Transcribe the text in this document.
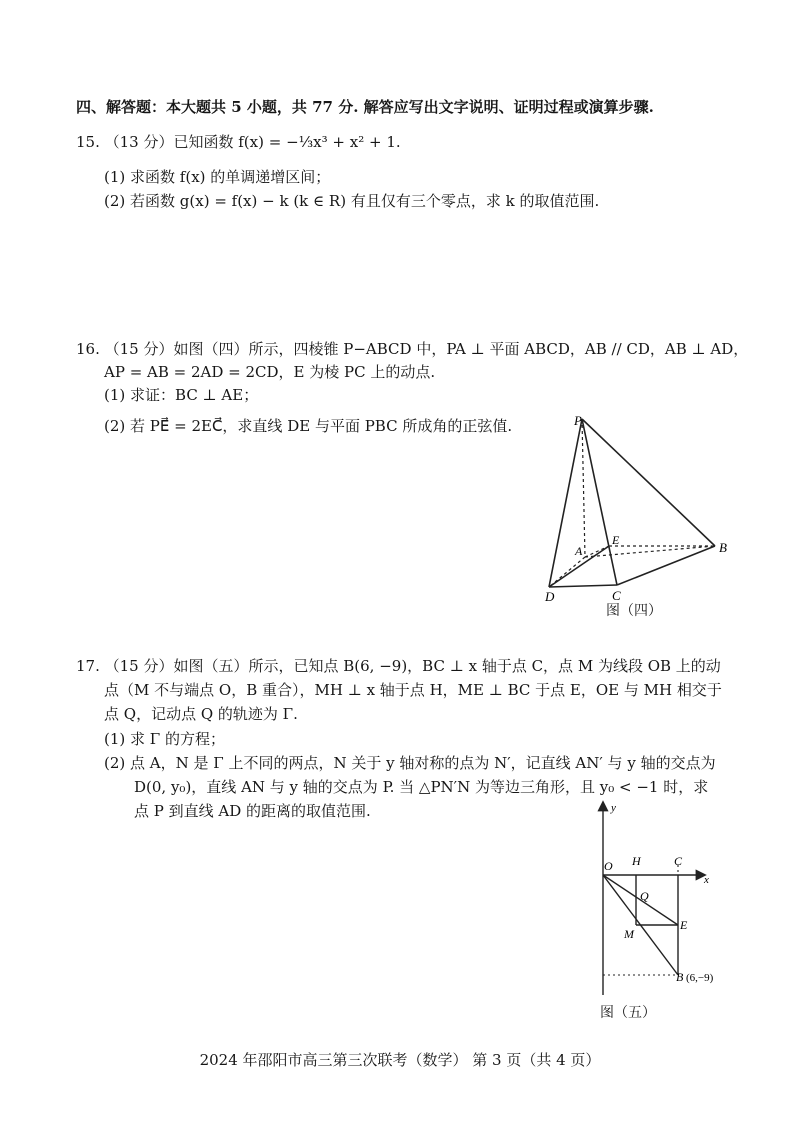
四、解答题：本大题共 5 小题，共 77 分. 解答应写出文字说明、证明过程或演算步骤.
15. （13 分）已知函数 f(x) = −⅓x³ + x² + 1.
(1) 求函数 f(x) 的单调递增区间；
(2) 若函数 g(x) = f(x) − k (k ∈ R) 有且仅有三个零点，求 k 的取值范围.
16. （15 分）如图（四）所示，四棱锥 P−ABCD 中，PA ⊥ 平面 ABCD，AB // CD，AB ⊥ AD，
AP = AB = 2AD = 2CD，E 为棱 PC 上的动点.
(1) 求证：BC ⊥ AE；
(2) 若 PE⃗ = 2EC⃗，求直线 DE 与平面 PBC 所成角的正弦值.	P
A
E	B
C
D
图（四）
17. （15 分）如图（五）所示，已知点 B(6, −9)，BC ⊥ x 轴于点 C，点 M 为线段 OB 上的动
点（M 不与端点 O，B 重合），MH ⊥ x 轴于点 H，ME ⊥ BC 于点 E，OE 与 MH 相交于
点 Q，记动点 Q 的轨迹为 Γ.
(1) 求 Γ 的方程；
(2) 点 A，N 是 Γ 上不同的两点，N 关于 y 轴对称的点为 N′，记直线 AN′ 与 y 轴的交点为
D(0, y₀)，直线 AN 与 y 轴的交点为 P. 当 △PN′N 为等边三角形，且 y₀ < −1 时，求
点 P 到直线 AD 的距离的取值范围.	y
x
O H	C
Q
M
E
B (6,−9)
图（五）
2024 年邵阳市高三第三次联考（数学） 第 3 页（共 4 页）
